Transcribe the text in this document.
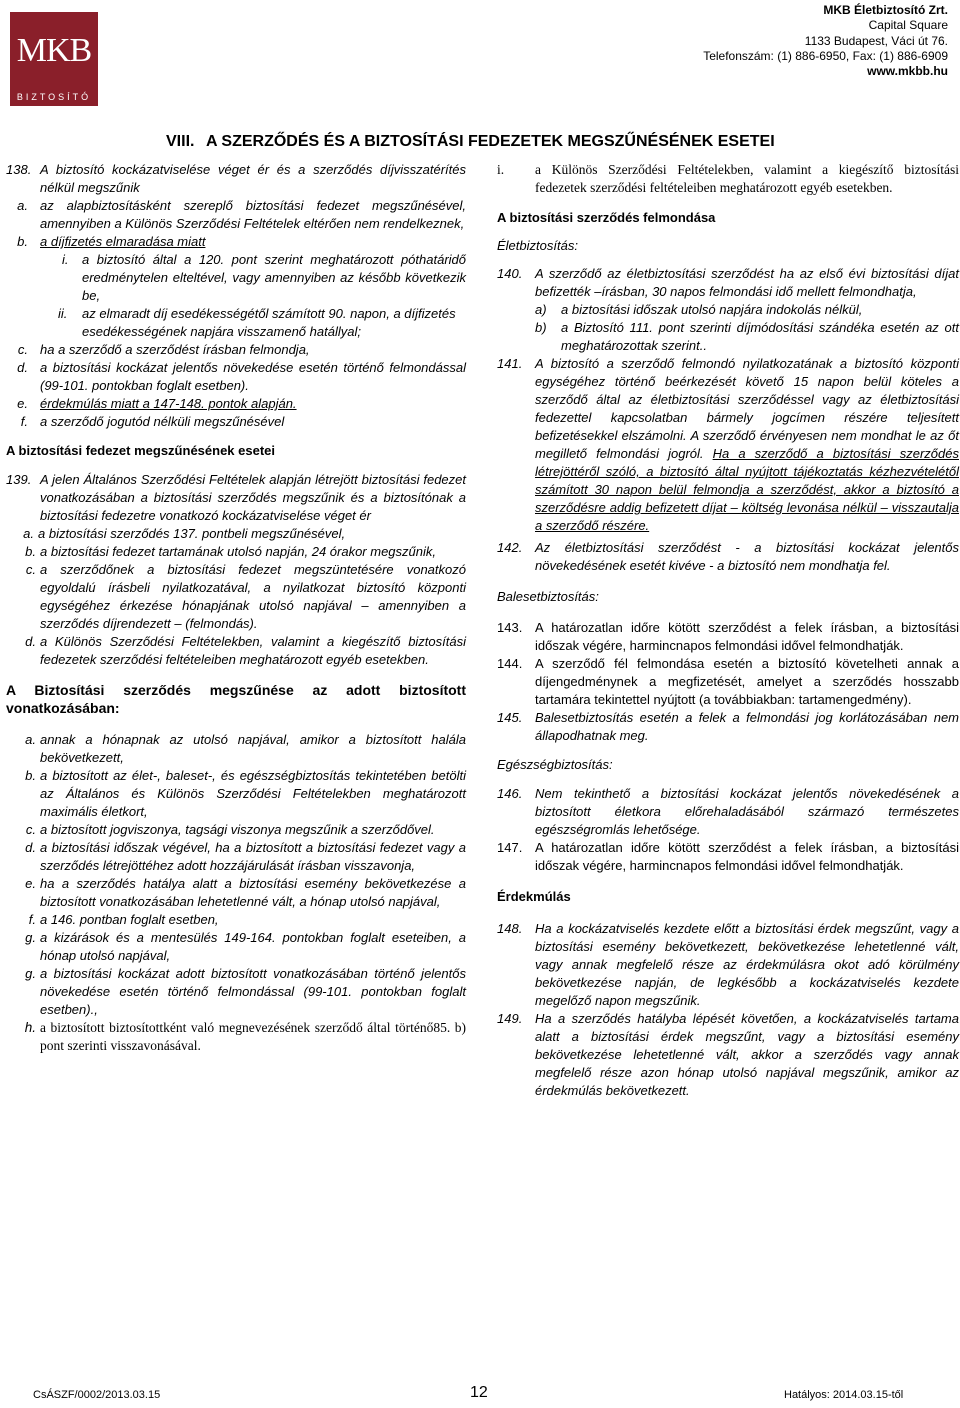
MKB
BIZTOSÍTÓ
MKB Életbiztosító Zrt.
Capital Square
1133 Budapest, Váci út 76.
Telefonszám: (1) 886-6950, Fax: (1) 886-6909
www.mkbb.hu
VIII. A SZERZŐDÉS ÉS A BIZTOSÍTÁSI FEDEZETEK MEGSZŰNÉSÉNEK ESETEI
138. A biztosító kockázatviselése véget ér és a szerződés díjvisszatérítés nélkül megszűnik
a. az alapbiztosításként szereplő biztosítási fedezet megszűnésével, amennyiben a Különös Szerződési Feltételek eltérően nem rendelkeznek,
b. a díjfizetés elmaradása miatt
i.	a biztosító által a 120. pont szerint meghatározott póthatáridő eredménytelen elteltével, vagy amennyiben az később következik be,
ii.	az elmaradt díj esedékességétől számított 90. napon, a díjfizetés esedékességének napjára visszamenő hatállyal;
c. ha a szerződő a szerződést írásban felmondja,
d. a biztosítási kockázat jelentős növekedése esetén történő felmondással (99-101. pontokban foglalt esetben).
e. érdekmúlás miatt a 147-148. pontok alapján.
f. a szerződő jogutód nélküli megszűnésével
A biztosítási fedezet megszűnésének esetei
139. A jelen Általános Szerződési Feltételek alapján létrejött biztosítási fedezet vonatkozásában a biztosítási szerződés megszűnik és a biztosítónak a biztosítási fedezetre vonatkozó kockázatviselése véget ér
a. a biztosítási szerződés 137. pontbeli megszűnésével,
b. a biztosítási fedezet tartamának utolsó napján, 24 órakor megszűnik,
c. a szerződőnek a biztosítási fedezet megszüntetésére vonatkozó egyoldalú írásbeli nyilatkozatával, a nyilatkozat biztosító központi egységéhez érkezése hónapjának utolsó napjával – amennyiben a szerződés díjrendezett – (felmondás).
d. a Különös Szerződési Feltételekben, valamint a kiegészítő biztosítási fedezetek szerződési feltételeiben meghatározott egyéb esetekben.
A Biztosítási szerződés megszűnése az adott biztosított vonatkozásában:
a. annak a hónapnak az utolsó napjával, amikor a biztosított halála bekövetkezett,
b. a biztosított az élet-, baleset-, és egészségbiztosítás tekintetében betölti az Általános és Különös Szerződési Feltételekben meghatározott maximális életkort,
c. a biztosított jogviszonya, tagsági viszonya megszűnik a szerződővel.
d. a biztosítási időszak végével, ha a biztosított a biztosítási fedezet vagy a szerződés létrejöttéhez adott hozzájárulását írásban visszavonja,
e. ha a szerződés hatálya alatt a biztosítási esemény bekövetkezése a biztosított vonatkozásában lehetetlenné vált, a hónap utolsó napjával,
f. a 146. pontban foglalt esetben,
g. a kizárások és a mentesülés 149-164. pontokban foglalt eseteiben, a hónap utolsó napjával,
g. a biztosítási kockázat adott biztosított vonatkozásában történő jelentős növekedése esetén történő felmondással (99-101. pontokban foglalt esetben).,
h. a biztosított biztosítottként való megnevezésének szerződő által történő85. b) pont szerinti visszavonásával.
i.	a Különös Szerződési Feltételekben, valamint a kiegészítő biztosítási fedezetek szerződési feltételeiben meghatározott egyéb esetekben.
A biztosítási szerződés felmondása
Életbiztosítás:
140. A szerződő az életbiztosítási szerződést ha az első évi biztosítási díjat befizették –írásban, 30 napos felmondási idő mellett felmondhatja,
a)	a biztosítási időszak utolsó napjára indokolás nélkül,
b)	a Biztosító 111. pont szerinti díjmódosítási szándéka esetén az ott meghatározottak szerint..
141. A biztosító a szerződő felmondó nyilatkozatának a biztosító központi egységéhez történő beérkezését követő 15 napon belül köteles a szerződő által az életbiztosítási szerződéssel vagy az életbiztosítási fedezettel kapcsolatban bármely jogcímen részére teljesített befizetésekkel elszámolni. A szerződő érvényesen nem mondhat le az őt megillető felmondási jogról. Ha a szerződő a biztosítási szerződés létrejöttéről szóló, a biztosító által nyújtott tájékoztatás kézhezvételétől számított 30 napon belül felmondja a szerződést, akkor a biztosító a szerződésre addig befizetett díjat – költség levonása nélkül – visszautalja a szerződő részére.
142. Az életbiztosítási szerződést - a biztosítási kockázat jelentős növekedésének esetét kivéve - a biztosító nem mondhatja fel.
Balesetbiztosítás:
143. A határozatlan időre kötött szerződést a felek írásban, a biztosítási időszak végére, harmincnapos felmondási idővel felmondhatják.
144. A szerződő fél felmondása esetén a biztosító követelheti annak a díjengedménynek a megfizetését, amelyet a szerződés hosszabb tartamára tekintettel nyújtott (a továbbiakban: tartamengedmény).
145. Balesetbiztosítás esetén a felek a felmondási jog korlátozásában nem állapodhatnak meg.
Egészségbiztosítás:
146. Nem tekinthető a biztosítási kockázat jelentős növekedésének a biztosított életkora előrehaladásából származó természetes egészségromlás lehetősége.
147. A határozatlan időre kötött szerződést a felek írásban, a biztosítási időszak végére, harmincnapos felmondási idővel felmondhatják.
Érdekmúlás
148. Ha a kockázatviselés kezdete előtt a biztosítási érdek megszűnt, vagy a biztosítási esemény bekövetkezett, bekövetkezése lehetetlenné vált, vagy annak megfelelő része az érdekmúlásra okot adó körülmény bekövetkezése napján, de legkésőbb a kockázatviselés kezdete megelőző napon megszűnik.
149. Ha a szerződés hatályba lépését követően, a kockázatviselés tartama alatt a biztosítási érdek megszűnt, vagy a biztosítási esemény bekövetkezése lehetetlenné vált, akkor a szerződés vagy annak megfelelő része azon hónap utolsó napjával megszűnik, amikor az érdekmúlás bekövetkezett.
CsÁSZF/0002/2013.03.15	12	Hatályos: 2014.03.15-től
